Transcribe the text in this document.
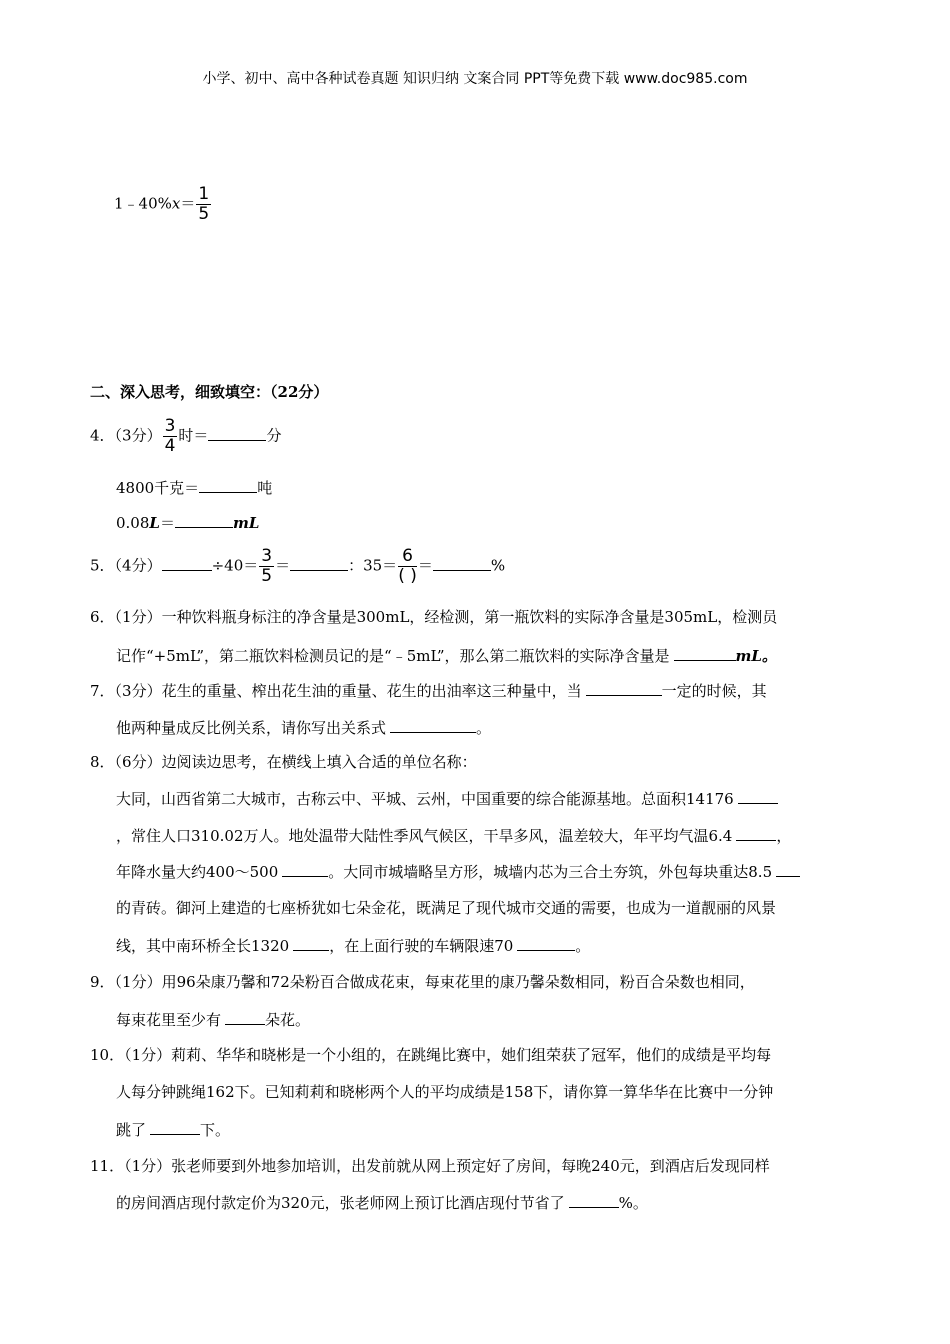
小学、初中、高中各种试卷真题 知识归纳 文案合同 PPT等免费下载 www.doc985.com
1﹣40%x＝ $\frac{1}{5}$
二、深入思考，细致填空：（22分）
4．（3分） $\frac{3}{4}$ 时＝	分
4800千克＝	吨
0.08L＝	mL
5．（4分）	$\div 40= \frac{3}{5}$ ＝	：$35= \frac{6}{( )}$ ＝	%
6．（1分）一种饮料瓶身标注的净含量是300mL，经检测，第一瓶饮料的实际净含量是305mL，检测员
记作“+5mL”，第二瓶饮料检测员记的是“﹣5mL”，那么第二瓶饮料的实际净含量是	mL。
7．（3分）花生的重量、榨出花生油的重量、花生的出油率这三种量中，当	一定的时候，其
他两种量成反比例关系，请你写出关系式	。
8．（6分）边阅读边思考，在横线上填入合适的单位名称：
大同，山西省第二大城市，古称云中、平城、云州，中国重要的综合能源基地。总面积14176
，常住人口310.02万人。地处温带大陆性季风气候区，干旱多风，温差较大，年平均气温6.4	，
年降水量大约400～500	。大同市城墙略呈方形，城墙内芯为三合土夯筑，外包每块重达8.5
的青砖。御河上建造的七座桥犹如七朵金花，既满足了现代城市交通的需要，也成为一道靓丽的风景
线，其中南环桥全长1320	，在上面行驶的车辆限速70	。
9．（1分）用96朵康乃馨和72朵粉百合做成花束，每束花里的康乃馨朵数相同，粉百合朵数也相同，
每束花里至少有	朵花。
10．（1分）莉莉、华华和晓彬是一个小组的，在跳绳比赛中，她们组荣获了冠军，他们的成绩是平均每
人每分钟跳绳162下。已知莉莉和晓彬两个人的平均成绩是158下，请你算一算华华在比赛中一分钟
跳了	下。
11．（1分）张老师要到外地参加培训，出发前就从网上预定好了房间，每晚240元，到酒店后发现同样
的房间酒店现付款定价为320元，张老师网上预订比酒店现付节省了	%。
